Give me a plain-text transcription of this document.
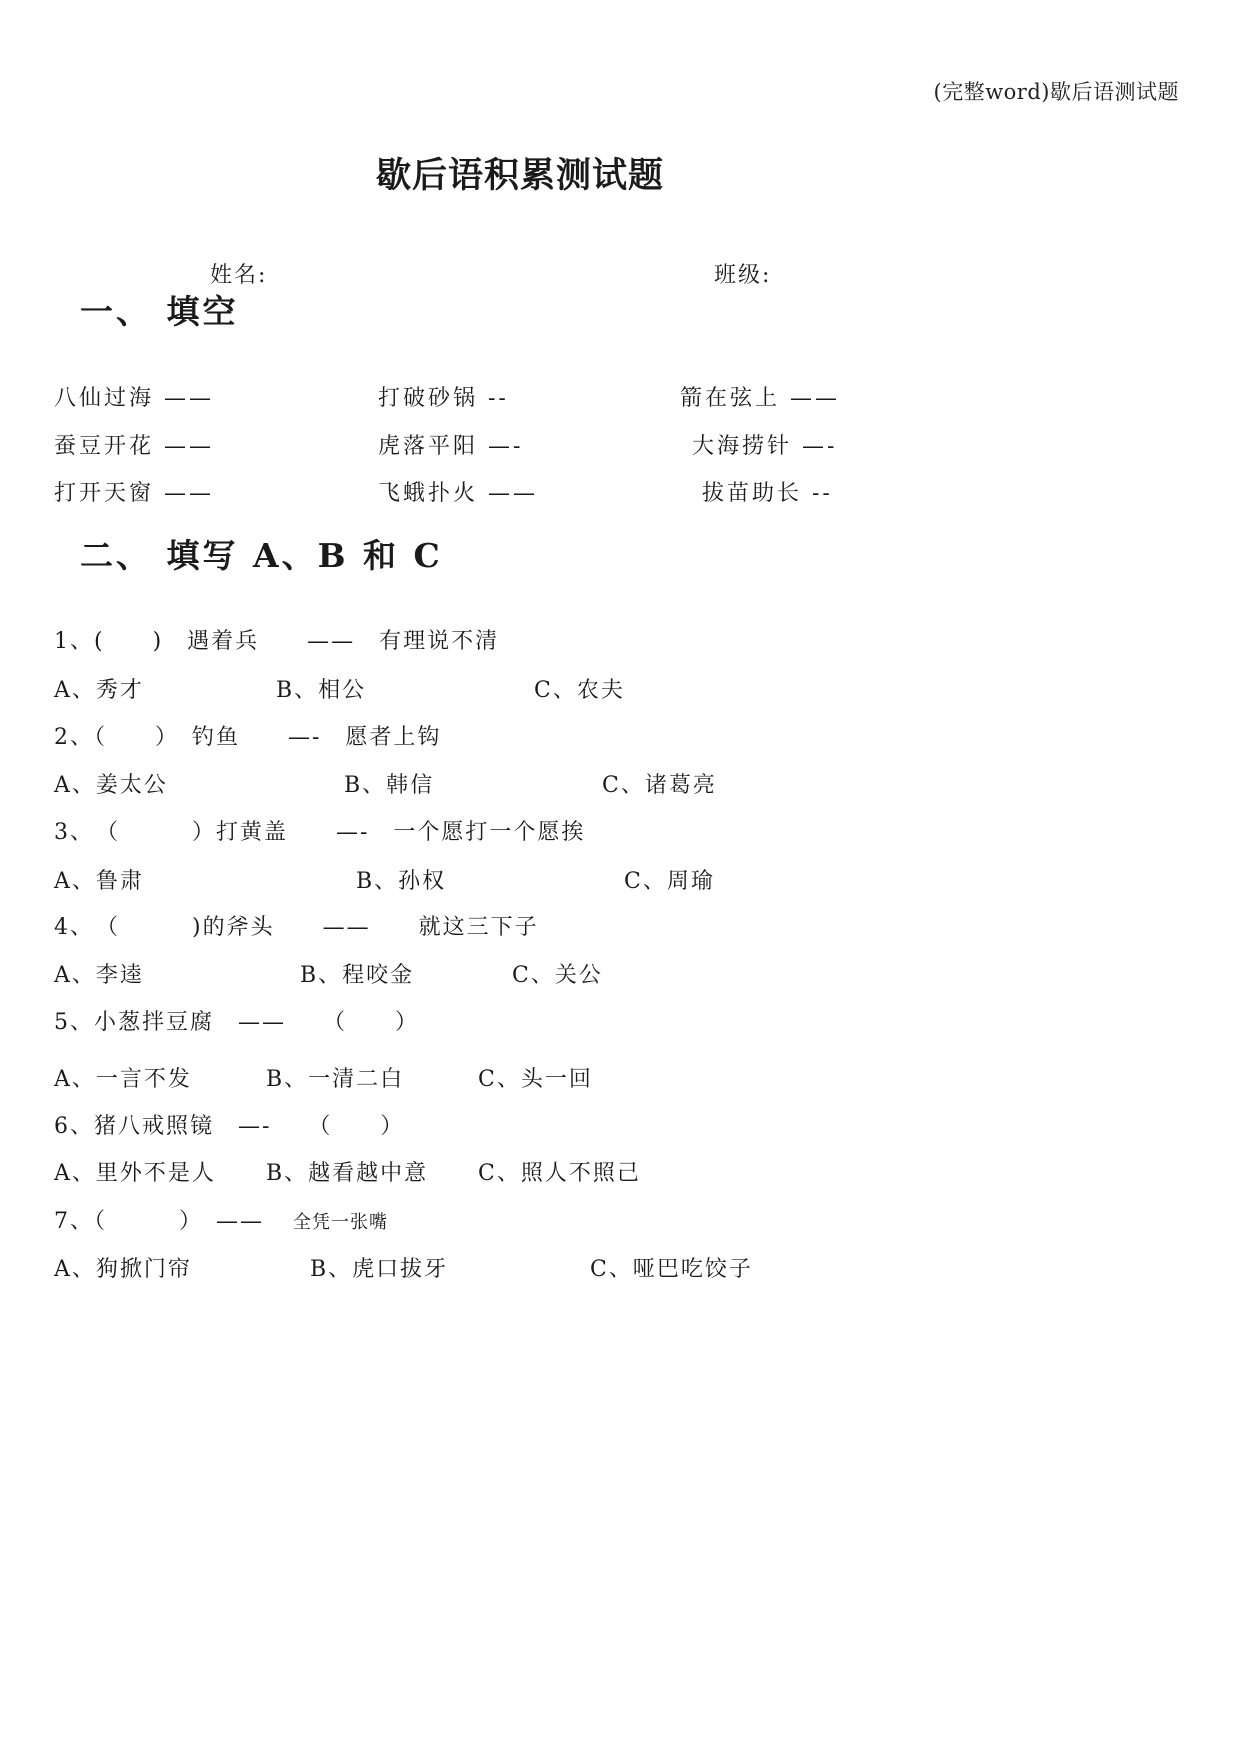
(完整word)歇后语测试题
歇后语积累测试题
姓名:	班级:
一、 填空
八仙过海 ——	打破砂锅 --	箭在弦上 ——
蚕豆开花 ——	虎落平阳 —-	大海捞针 —-
打开天窗 ——	飞蛾扑火 ——	拔苗助长 --
二、 填写 A、B 和 C
1、(　　)　遇着兵　　——　有理说不清
A、秀才	B、相公	C、农夫
2、（　　）　钓鱼　　—-　愿者上钩
A、姜太公	B、韩信	C、诸葛亮
3、　（　　　）打黄盖　　—-　一个愿打一个愿挨
A、鲁肃	B、孙权	C、周瑜
4、　（　　　)的斧头　　——　　就这三下子
A、李逵	B、程咬金	C、关公
5、小葱拌豆腐　——　　（　　）
A、一言不发	B、一清二白	C、头一回
6、猪八戒照镜　—-　　（　　）
A、里外不是人 B、越看越中意 C、照人不照己
7、（　　　）　—— 全凭一张嘴
A、狗掀门帘	B、虎口拔牙	C、哑巴吃饺子
